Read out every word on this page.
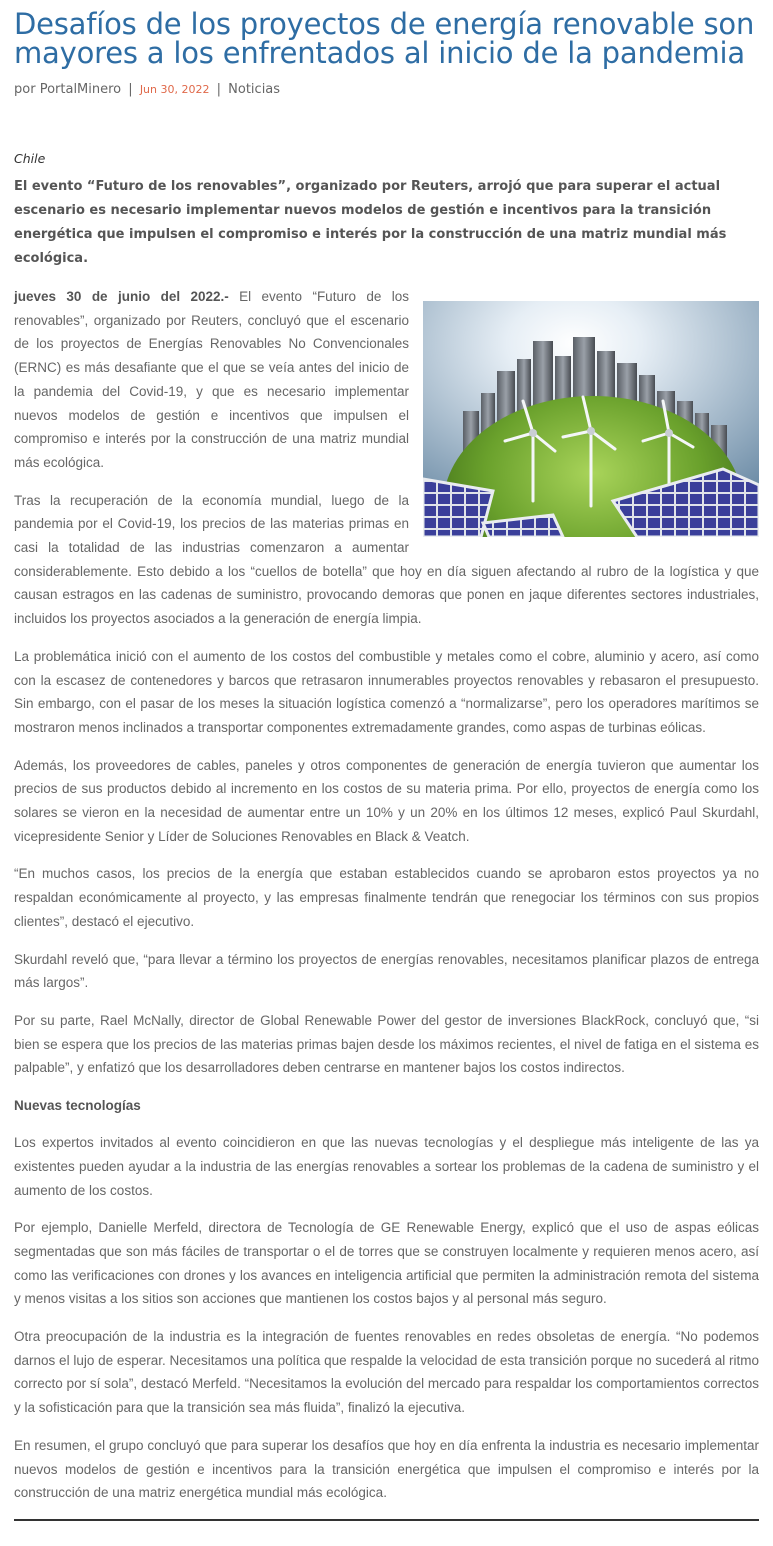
Desafíos de los proyectos de energía renovable son mayores a los enfrentados al inicio de la pandemia
por PortalMinero | Jun 30, 2022 | Noticias
Chile
El evento “Futuro de los renovables”, organizado por Reuters, arrojó que para superar el actual escenario es necesario implementar nuevos modelos de gestión e incentivos para la transición energética que impulsen el compromiso e interés por la construcción de una matriz mundial más ecológica.

jueves 30 de junio del 2022.- El evento “Futuro de los renovables”, organizado por Reuters, concluyó que el escenario de los proyectos de Energías Renovables No Convencionales (ERNC) es más desafiante que el que se veía antes del inicio de la pandemia del Covid-19, y que es necesario implementar nuevos modelos de gestión e incentivos que impulsen el compromiso e interés por la construcción de una matriz mundial más ecológica.

Tras la recuperación de la economía mundial, luego de la pandemia por el Covid-19, los precios de las materias primas en casi la totalidad de las industrias comenzaron a aumentar considerablemente. Esto debido a los “cuellos de botella” que hoy en día siguen afectando al rubro de la logística y que causan estragos en las cadenas de suministro, provocando demoras que ponen en jaque diferentes sectores industriales, incluidos los proyectos asociados a la generación de energía limpia.

La problemática inició con el aumento de los costos del combustible y metales como el cobre, aluminio y acero, así como con la escasez de contenedores y barcos que retrasaron innumerables proyectos renovables y rebasaron el presupuesto. Sin embargo, con el pasar de los meses la situación logística comenzó a “normalizarse”, pero los operadores marítimos se mostraron menos inclinados a transportar componentes extremadamente grandes, como aspas de turbinas eólicas.

Además, los proveedores de cables, paneles y otros componentes de generación de energía tuvieron que aumentar los precios de sus productos debido al incremento en los costos de su materia prima. Por ello, proyectos de energía como los solares se vieron en la necesidad de aumentar entre un 10% y un 20% en los últimos 12 meses, explicó Paul Skurdahl, vicepresidente Senior y Líder de Soluciones Renovables en Black & Veatch.

“En muchos casos, los precios de la energía que estaban establecidos cuando se aprobaron estos proyectos ya no respaldan económicamente al proyecto, y las empresas finalmente tendrán que renegociar los términos con sus propios clientes”, destacó el ejecutivo.

Skurdahl reveló que, “para llevar a término los proyectos de energías renovables, necesitamos planificar plazos de entrega más largos”.

Por su parte, Rael McNally, director de Global Renewable Power del gestor de inversiones BlackRock, concluyó que, “si bien se espera que los precios de las materias primas bajen desde los máximos recientes, el nivel de fatiga en el sistema es palpable”, y enfatizó que los desarrolladores deben centrarse en mantener bajos los costos indirectos.

Nuevas tecnologías

Los expertos invitados al evento coincidieron en que las nuevas tecnologías y el despliegue más inteligente de las ya existentes pueden ayudar a la industria de las energías renovables a sortear los problemas de la cadena de suministro y el aumento de los costos.

Por ejemplo, Danielle Merfeld, directora de Tecnología de GE Renewable Energy, explicó que el uso de aspas eólicas segmentadas que son más fáciles de transportar o el de torres que se construyen localmente y requieren menos acero, así como las verificaciones con drones y los avances en inteligencia artificial que permiten la administración remota del sistema y menos visitas a los sitios son acciones que mantienen los costos bajos y al personal más seguro.

Otra preocupación de la industria es la integración de fuentes renovables en redes obsoletas de energía. “No podemos darnos el lujo de esperar. Necesitamos una política que respalde la velocidad de esta transición porque no sucederá al ritmo correcto por sí sola”, destacó Merfeld. “Necesitamos la evolución del mercado para respaldar los comportamientos correctos y la sofisticación para que la transición sea más fluida”, finalizó la ejecutiva.

En resumen, el grupo concluyó que para superar los desafíos que hoy en día enfrenta la industria es necesario implementar nuevos modelos de gestión e incentivos para la transición energética que impulsen el compromiso e interés por la construcción de una matriz energética mundial más ecológica.
